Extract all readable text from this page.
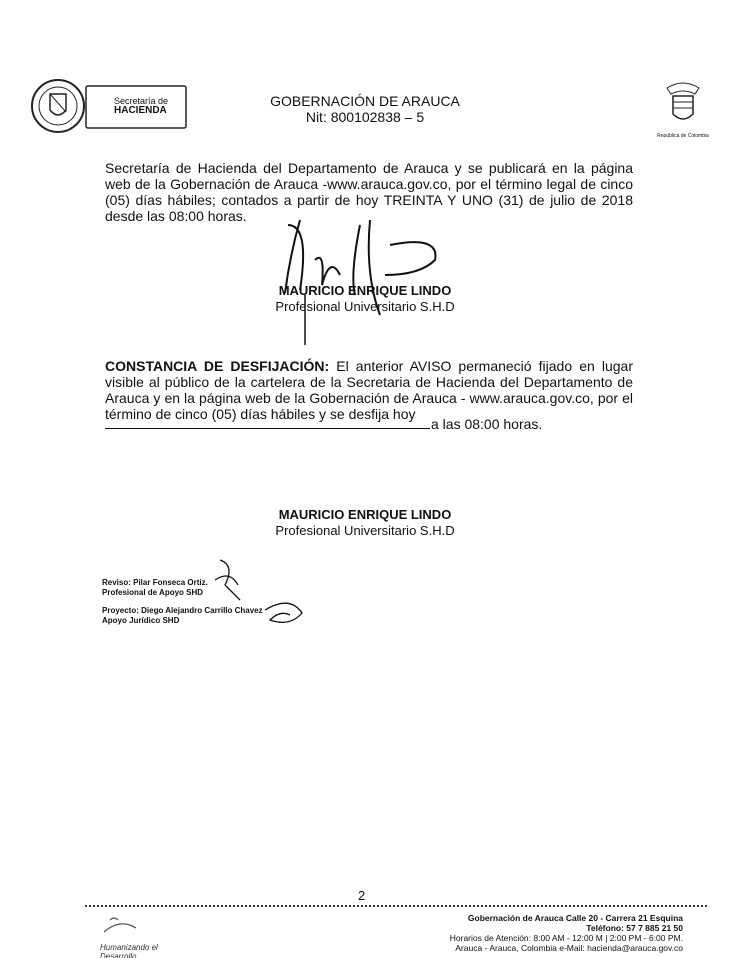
Secretaría de
HACIENDA
GOBERNACIÓN DE ARAUCA
Nit: 800102838 – 5
República de Colombia
Secretaría de Hacienda del Departamento de Arauca y se publicará en la página web de la Gobernación de Arauca -www.arauca.gov.co, por el término legal de cinco (05) días hábiles; contados a partir de hoy TREINTA Y UNO (31) de julio de 2018 desde las 08:00 horas.
MAURICIO ENRIQUE LINDO
Profesional Universitario S.H.D
CONSTANCIA DE DESFIJACIÓN: El anterior AVISO permaneció fijado en lugar visible al público de la cartelera de la Secretaria de Hacienda del Departamento de Arauca y en la página web de la Gobernación de Arauca - www.arauca.gov.co, por el término de cinco (05) días hábiles y se desfija hoy
a las 08:00 horas.
MAURICIO ENRIQUE LINDO
Profesional Universitario S.H.D
Reviso: Pilar Fonseca Ortiz.
Profesional de Apoyo SHD
Proyecto: Diego Alejandro Carrillo Chavez
Apoyo Jurídico SHD
2
Humanizando el Desarrollo
Gobernación de Arauca Calle 20 - Carrera 21 Esquina
Teléfono: 57 7 885 21 50
Horarios de Atención: 8:00 AM - 12:00 M | 2:00 PM - 6:00 PM.
Arauca - Arauca, Colombia e-Mail: hacienda@arauca.gov.co
